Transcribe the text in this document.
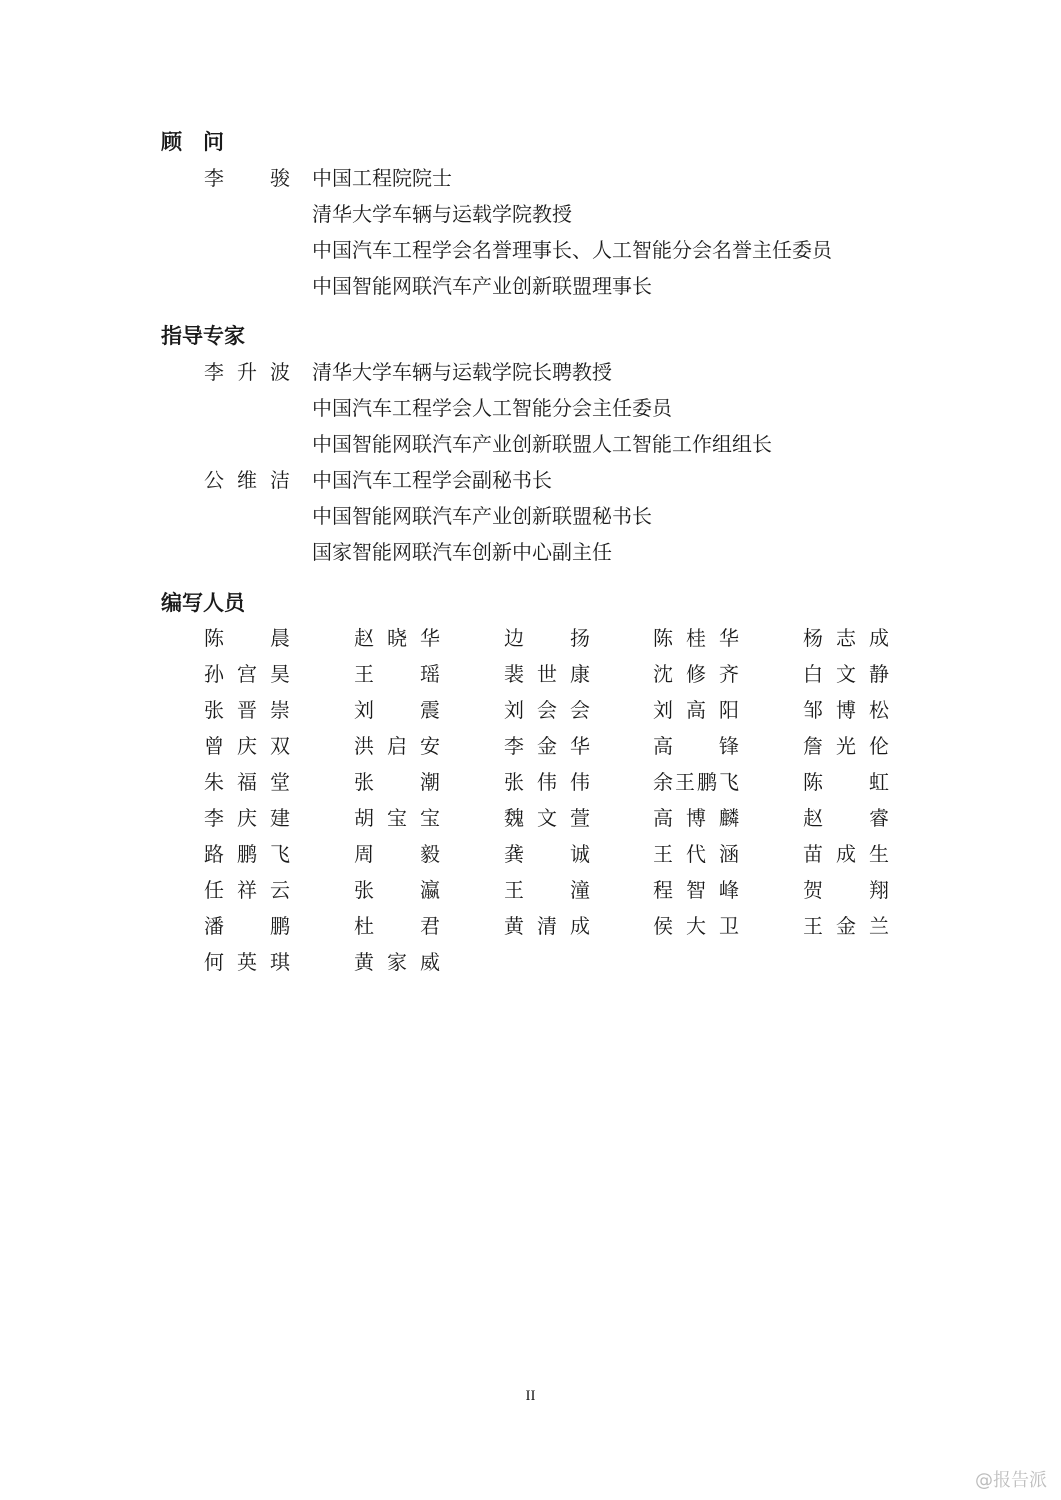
顾　问
李骏 中国工程院院士
清华大学车辆与运载学院教授
中国汽车工程学会名誉理事长、人工智能分会名誉主任委员
中国智能网联汽车产业创新联盟理事长
指导专家
李升波 清华大学车辆与运载学院长聘教授
中国汽车工程学会人工智能分会主任委员
中国智能网联汽车产业创新联盟人工智能工作组组长
公维洁 中国汽车工程学会副秘书长
中国智能网联汽车产业创新联盟秘书长
国家智能网联汽车创新中心副主任
编写人员
陈晨	赵晓华	边扬	陈桂华	杨志成
孙宫昊	王瑶	裴世康	沈修齐	白文静
张晋崇	刘震	刘会会	刘高阳	邹博松
曾庆双	洪启安	李金华	高锋	詹光伦
朱福堂	张潮	张伟伟	余王鹏飞	陈虹
李庆建	胡宝宝	魏文萱	高博麟	赵睿
路鹏飞	周毅	龚诚	王代涵	苗成生
任祥云	张瀛	王潼	程智峰	贺翔
潘鹏	杜君	黄清成	侯大卫	王金兰
何英琪	黄家威
II
@报告派
